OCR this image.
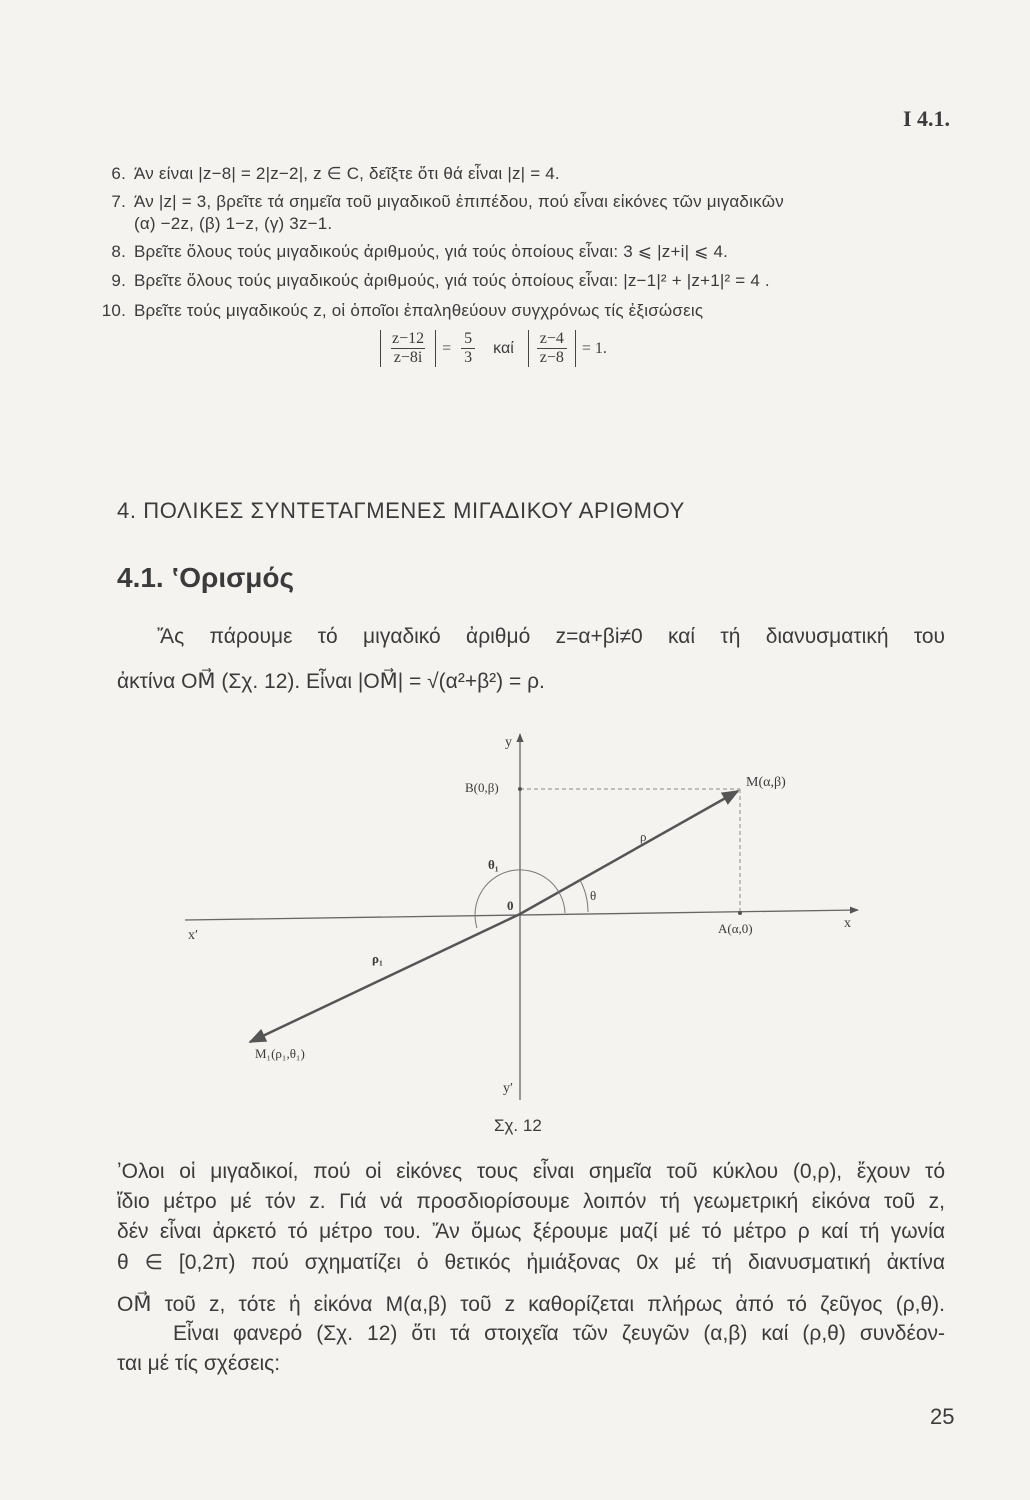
I 4.1.
6. Άν είναι |z−8| = 2|z−2|, z ∈ C, δεῖξτε ὅτι θά εἶναι |z| = 4.
7. Άν |z| = 3, βρεῖτε τά σημεῖα τοῦ μιγαδικοῦ ἐπιπέδου, πού εἶναι εἰκόνες τῶν μιγαδικῶν
(α) −2z, (β) 1−z, (γ) 3z−1.
8. Βρεῖτε ὅλους τούς μιγαδικούς ἀριθμούς, γιά τούς ὁποίους εἶναι: 3 ⩽ |z+i| ⩽ 4.
9. Βρεῖτε ὅλους τούς μιγαδικούς ἀριθμούς, γιά τούς ὁποίους εἶναι: |z−1|² + |z+1|² = 4 .
10. Βρεῖτε τούς μιγαδικούς z, οἱ ὁποῖοι ἐπαληθεύουν συγχρόνως τίς ἐξισώσεις
$\frac{z-12}{z-8i} = \frac{5}{3}$ καί $\frac{z-4}{z-8} = 1$.
4. ΠΟΛΙΚΕΣ ΣΥΝΤΕΤΑΓΜΕΝΕΣ ΜΙΓΑΔΙΚΟΥ ΑΡΙΘΜΟΥ
4.1. ʽΟρισμός
Ἄς πάρουμε τό μιγαδικό ἀριθμό z=α+βi≠0 καί τή διανυσματική του
ἀκτίνα OM⃗ (Σχ. 12). Εἶναι |OM⃗| = √(α²+β²) = ρ.
y
y′
x
x′
0
B(0,β)	M(α,β)
A(α,0)
ρ
θ
θ₁
ρ₁
M₁(ρ₁,θ₁)
Σχ. 12
ʼΟλοι οἱ μιγαδικοί, πού οἱ εἰκόνες τους εἶναι σημεῖα τοῦ κύκλου (0,ρ), ἔχουν τό
ἴδιο μέτρο μέ τόν z. Γιά νά προσδιορίσουμε λοιπόν τή γεωμετρική εἰκόνα τοῦ z,
δέν εἶναι ἀρκετό τό μέτρο του. Ἄν ὅμως ξέρουμε μαζί μέ τό μέτρο ρ καί τή γωνία
θ ∈ [0,2π) πού σχηματίζει ὁ θετικός ἡμιάξονας 0x μέ τή διανυσματική ἀκτίνα
OM⃗ τοῦ z, τότε ἡ εἰκόνα M(α,β) τοῦ z καθορίζεται πλήρως ἀπό τό ζεῦγος (ρ,θ).
Εἶναι φανερό (Σχ. 12) ὅτι τά στοιχεῖα τῶν ζευγῶν (α,β) καί (ρ,θ) συνδέον-
ται μέ τίς σχέσεις:
25
